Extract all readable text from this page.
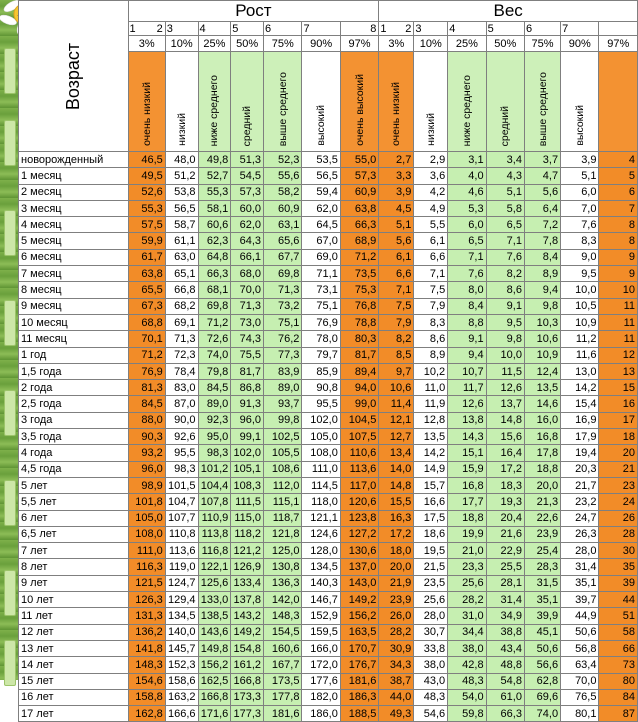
Возраст	Рост							Вес						
	1 2	3	4	5	6	7	8	1 2	3	4	5	6	7	
	3%	10%	25%	50%	75%	90%	97%	3%	10%	25%	50%	75%	90%	97%
	очень низкий	низкий	ниже среднего	средний	выше среднего	высокий	очень высокий	очень низкий	низкий	ниже среднего	средний	выше среднего	высокий	
новорожденный	46,5	48,0	49,8	51,3	52,3	53,5	55,0	2,7	2,9	3,1	3,4	3,7	3,9	4
1 месяц	49,5	51,2	52,7	54,5	55,6	56,5	57,3	3,3	3,6	4,0	4,3	4,7	5,1	5
2 месяц	52,6	53,8	55,3	57,3	58,2	59,4	60,9	3,9	4,2	4,6	5,1	5,6	6,0	6
3 месяц	55,3	56,5	58,1	60,0	60,9	62,0	63,8	4,5	4,9	5,3	5,8	6,4	7,0	7
4 месяц	57,5	58,7	60,6	62,0	63,1	64,5	66,3	5,1	5,5	6,0	6,5	7,2	7,6	8
5 месяц	59,9	61,1	62,3	64,3	65,6	67,0	68,9	5,6	6,1	6,5	7,1	7,8	8,3	8
6 месяц	61,7	63,0	64,8	66,1	67,7	69,0	71,2	6,1	6,6	7,1	7,6	8,4	9,0	9
7 месяц	63,8	65,1	66,3	68,0	69,8	71,1	73,5	6,6	7,1	7,6	8,2	8,9	9,5	9
8 месяц	65,5	66,8	68,1	70,0	71,3	73,1	75,3	7,1	7,5	8,0	8,6	9,4	10,0	10
9 месяц	67,3	68,2	69,8	71,3	73,2	75,1	76,8	7,5	7,9	8,4	9,1	9,8	10,5	11
10 месяц	68,8	69,1	71,2	73,0	75,1	76,9	78,8	7,9	8,3	8,8	9,5	10,3	10,9	11
11 месяц	70,1	71,3	72,6	74,3	76,2	78,0	80,3	8,2	8,6	9,1	9,8	10,6	11,2	11
1 год	71,2	72,3	74,0	75,5	77,3	79,7	81,7	8,5	8,9	9,4	10,0	10,9	11,6	12
1,5 года	76,9	78,4	79,8	81,7	83,9	85,9	89,4	9,7	10,2	10,7	11,5	12,4	13,0	13
2 года	81,3	83,0	84,5	86,8	89,0	90,8	94,0	10,6	11,0	11,7	12,6	13,5	14,2	15
2,5 года	84,5	87,0	89,0	91,3	93,7	95,5	99,0	11,4	11,9	12,6	13,7	14,6	15,4	16
3 года	88,0	90,0	92,3	96,0	99,8	102,0	104,5	12,1	12,8	13,8	14,8	16,0	16,9	17
3,5 года	90,3	92,6	95,0	99,1	102,5	105,0	107,5	12,7	13,5	14,3	15,6	16,8	17,9	18
4 года	93,2	95,5	98,3	102,0	105,5	108,0	110,6	13,4	14,2	15,1	16,4	17,8	19,4	20
4,5 года	96,0	98,3	101,2	105,1	108,6	111,0	113,6	14,0	14,9	15,9	17,2	18,8	20,3	21
5 лет	98,9	101,5	104,4	108,3	112,0	114,5	117,0	14,8	15,7	16,8	18,3	20,0	21,7	23
5,5 лет	101,8	104,7	107,8	111,5	115,1	118,0	120,6	15,5	16,6	17,7	19,3	21,3	23,2	24
6 лет	105,0	107,7	110,9	115,0	118,7	121,1	123,8	16,3	17,5	18,8	20,4	22,6	24,7	26
6,5 лет	108,0	110,8	113,8	118,2	121,8	124,6	127,2	17,2	18,6	19,9	21,6	23,9	26,3	28
7 лет	111,0	113,6	116,8	121,2	125,0	128,0	130,6	18,0	19,5	21,0	22,9	25,4	28,0	30
8 лет	116,3	119,0	122,1	126,9	130,8	134,5	137,0	20,0	21,5	23,3	25,5	28,3	31,4	35
9 лет	121,5	124,7	125,6	133,4	136,3	140,3	143,0	21,9	23,5	25,6	28,1	31,5	35,1	39
10 лет	126,3	129,4	133,0	137,8	142,0	146,7	149,2	23,9	25,6	28,2	31,4	35,1	39,7	44
11 лет	131,3	134,5	138,5	143,2	148,3	152,9	156,2	26,0	28,0	31,0	34,9	39,9	44,9	51
12 лет	136,2	140,0	143,6	149,2	154,5	159,5	163,5	28,2	30,7	34,4	38,8	45,1	50,6	58
13 лет	141,8	145,7	149,8	154,8	160,6	166,0	170,7	30,9	33,8	38,0	43,4	50,6	56,8	66
14 лет	148,3	152,3	156,2	161,2	167,7	172,0	176,7	34,3	38,0	42,8	48,8	56,6	63,4	73
15 лет	154,6	158,6	162,5	166,8	173,5	177,6	181,6	38,7	43,0	48,3	54,8	62,8	70,0	80
16 лет	158,8	163,2	166,8	173,3	177,8	182,0	186,3	44,0	48,3	54,0	61,0	69,6	76,5	84
17 лет	162,8	166,6	171,6	177,3	181,6	186,0	188,5	49,3	54,6	59,8	66,3	74,0	80,1	87
